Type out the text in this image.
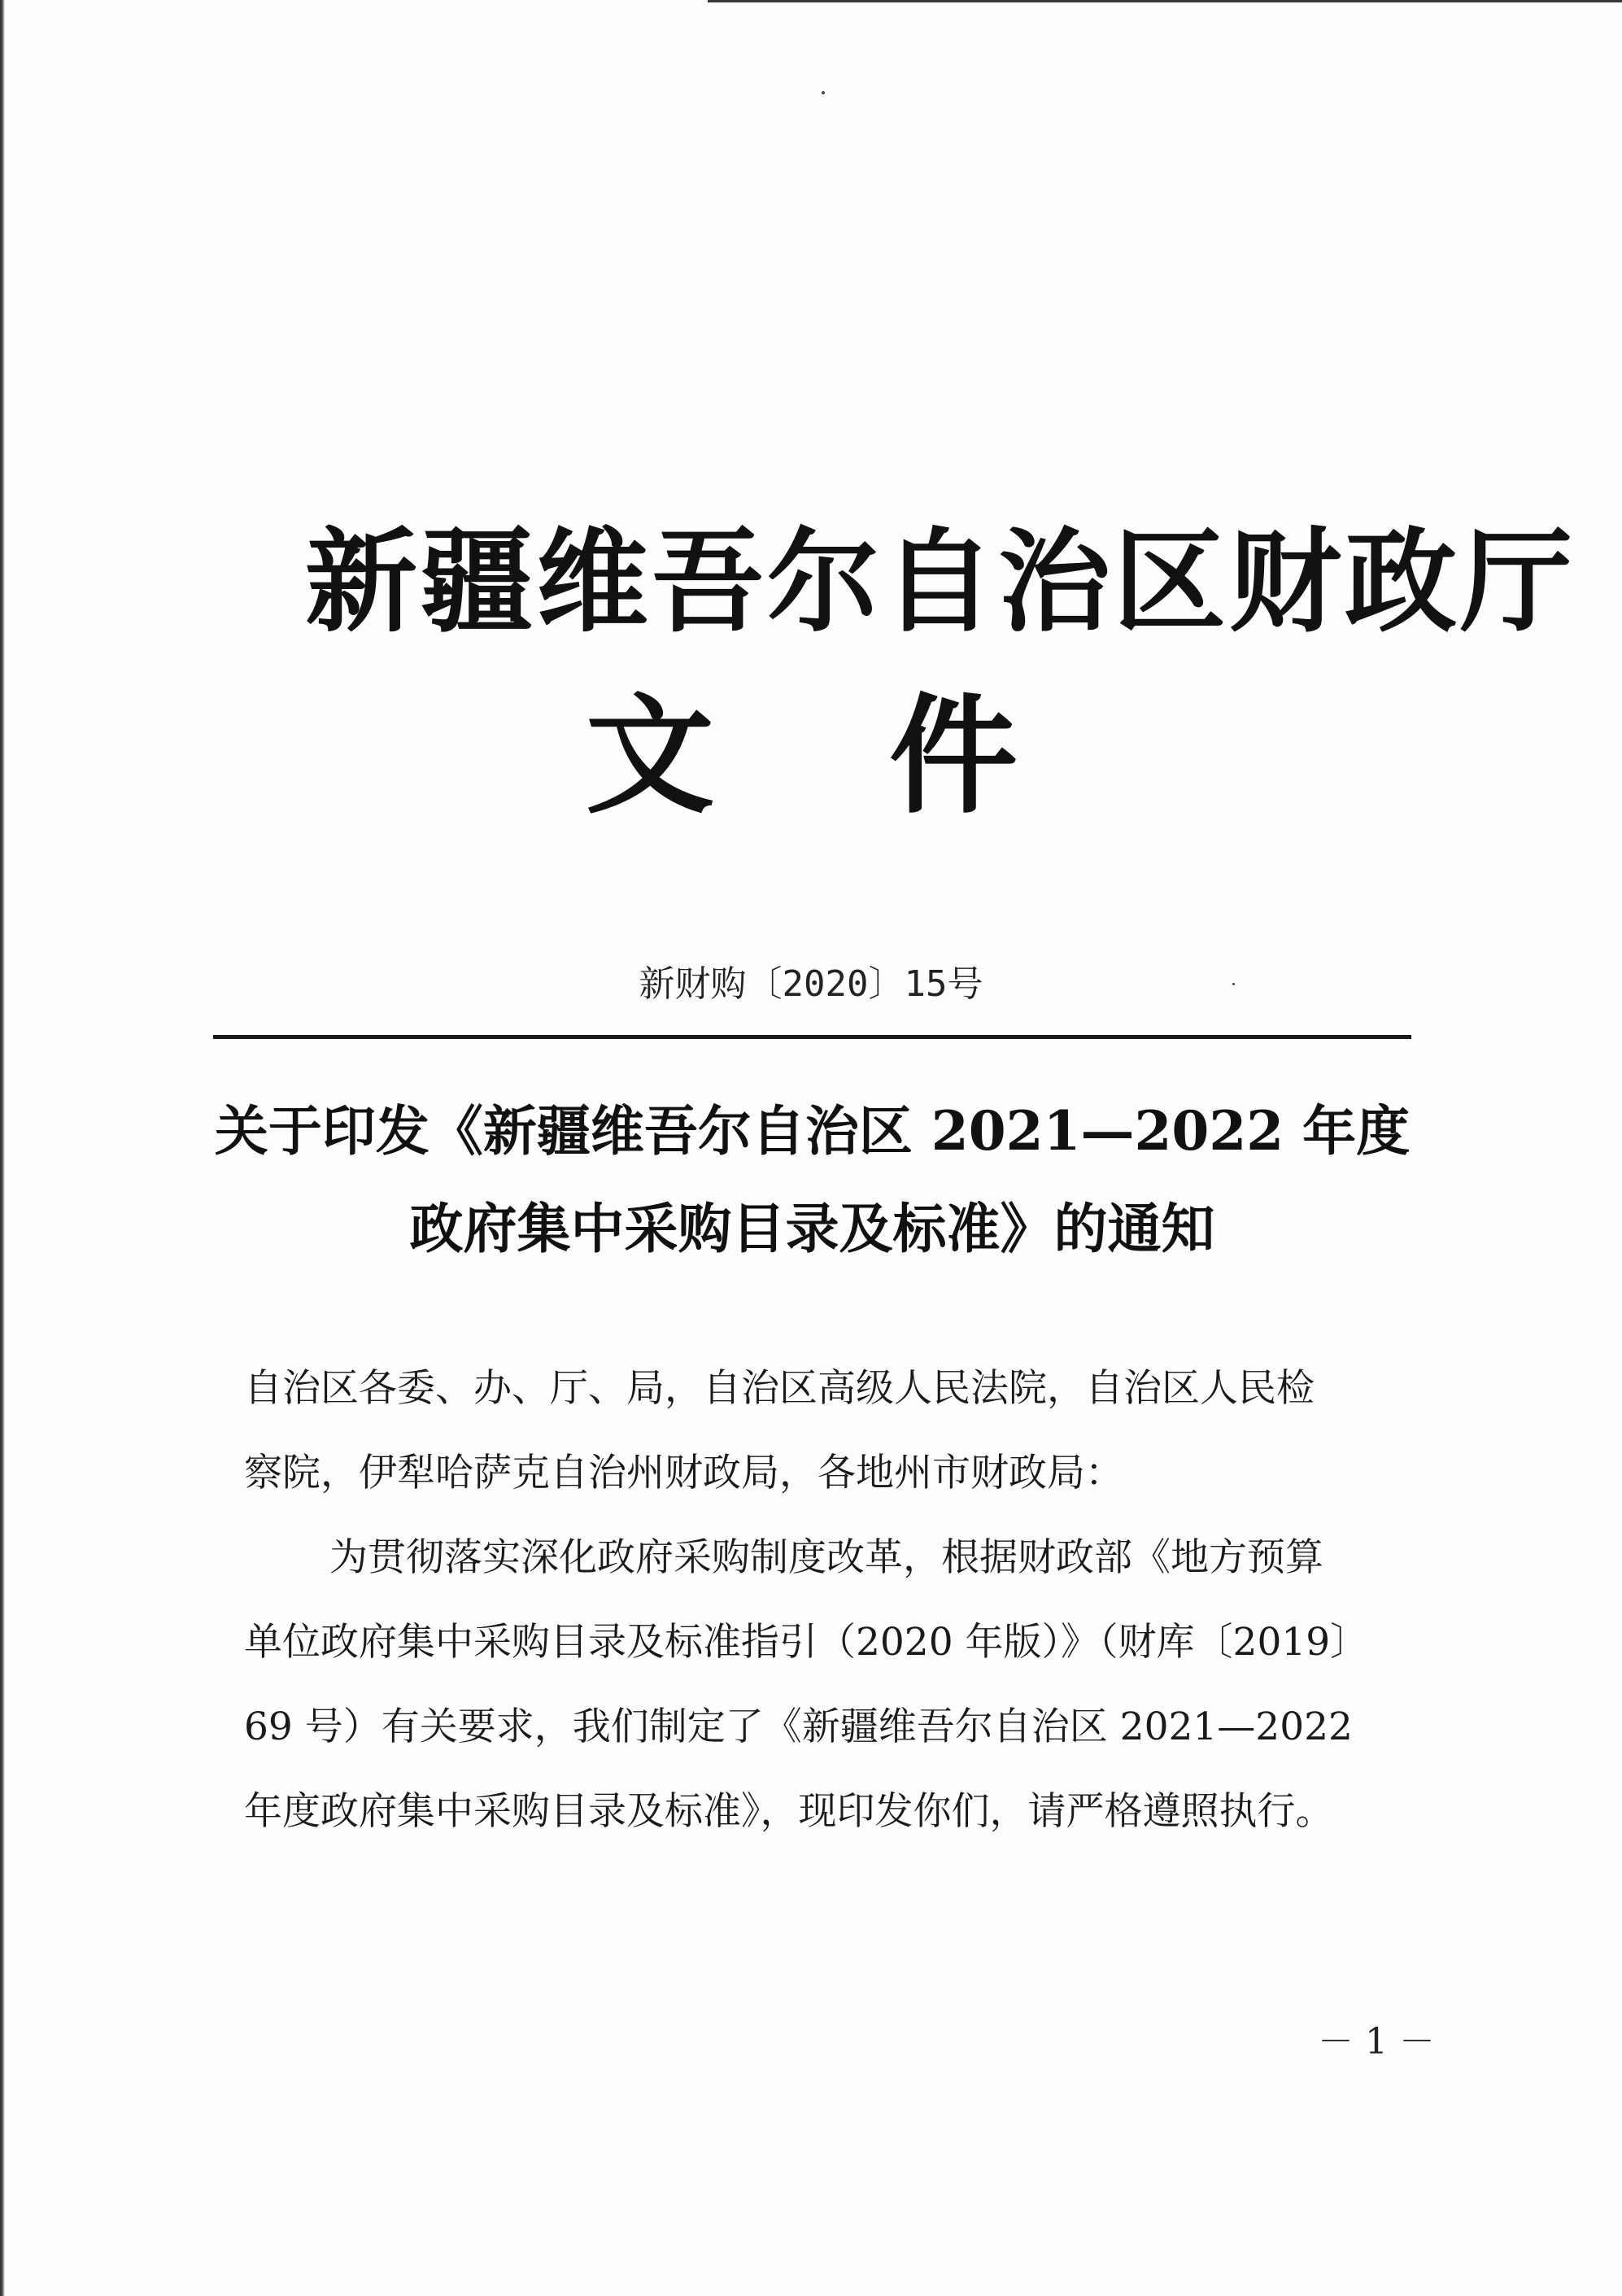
新疆维吾尔自治区财政厅
文件
新财购〔2020〕15号
关于印发《新疆维吾尔自治区 2021—2022 年度
政府集中采购目录及标准》的通知
自治区各委、办、厅、局，自治区高级人民法院，自治区人民检
察院，伊犁哈萨克自治州财政局，各地州市财政局：
为贯彻落实深化政府采购制度改革，根据财政部《地方预算
单位政府集中采购目录及标准指引（2020 年版）》（财库〔2019〕
69 号）有关要求，我们制定了《新疆维吾尔自治区 2021—2022
年度政府集中采购目录及标准》，现印发你们，请严格遵照执行。
－ 1 －
